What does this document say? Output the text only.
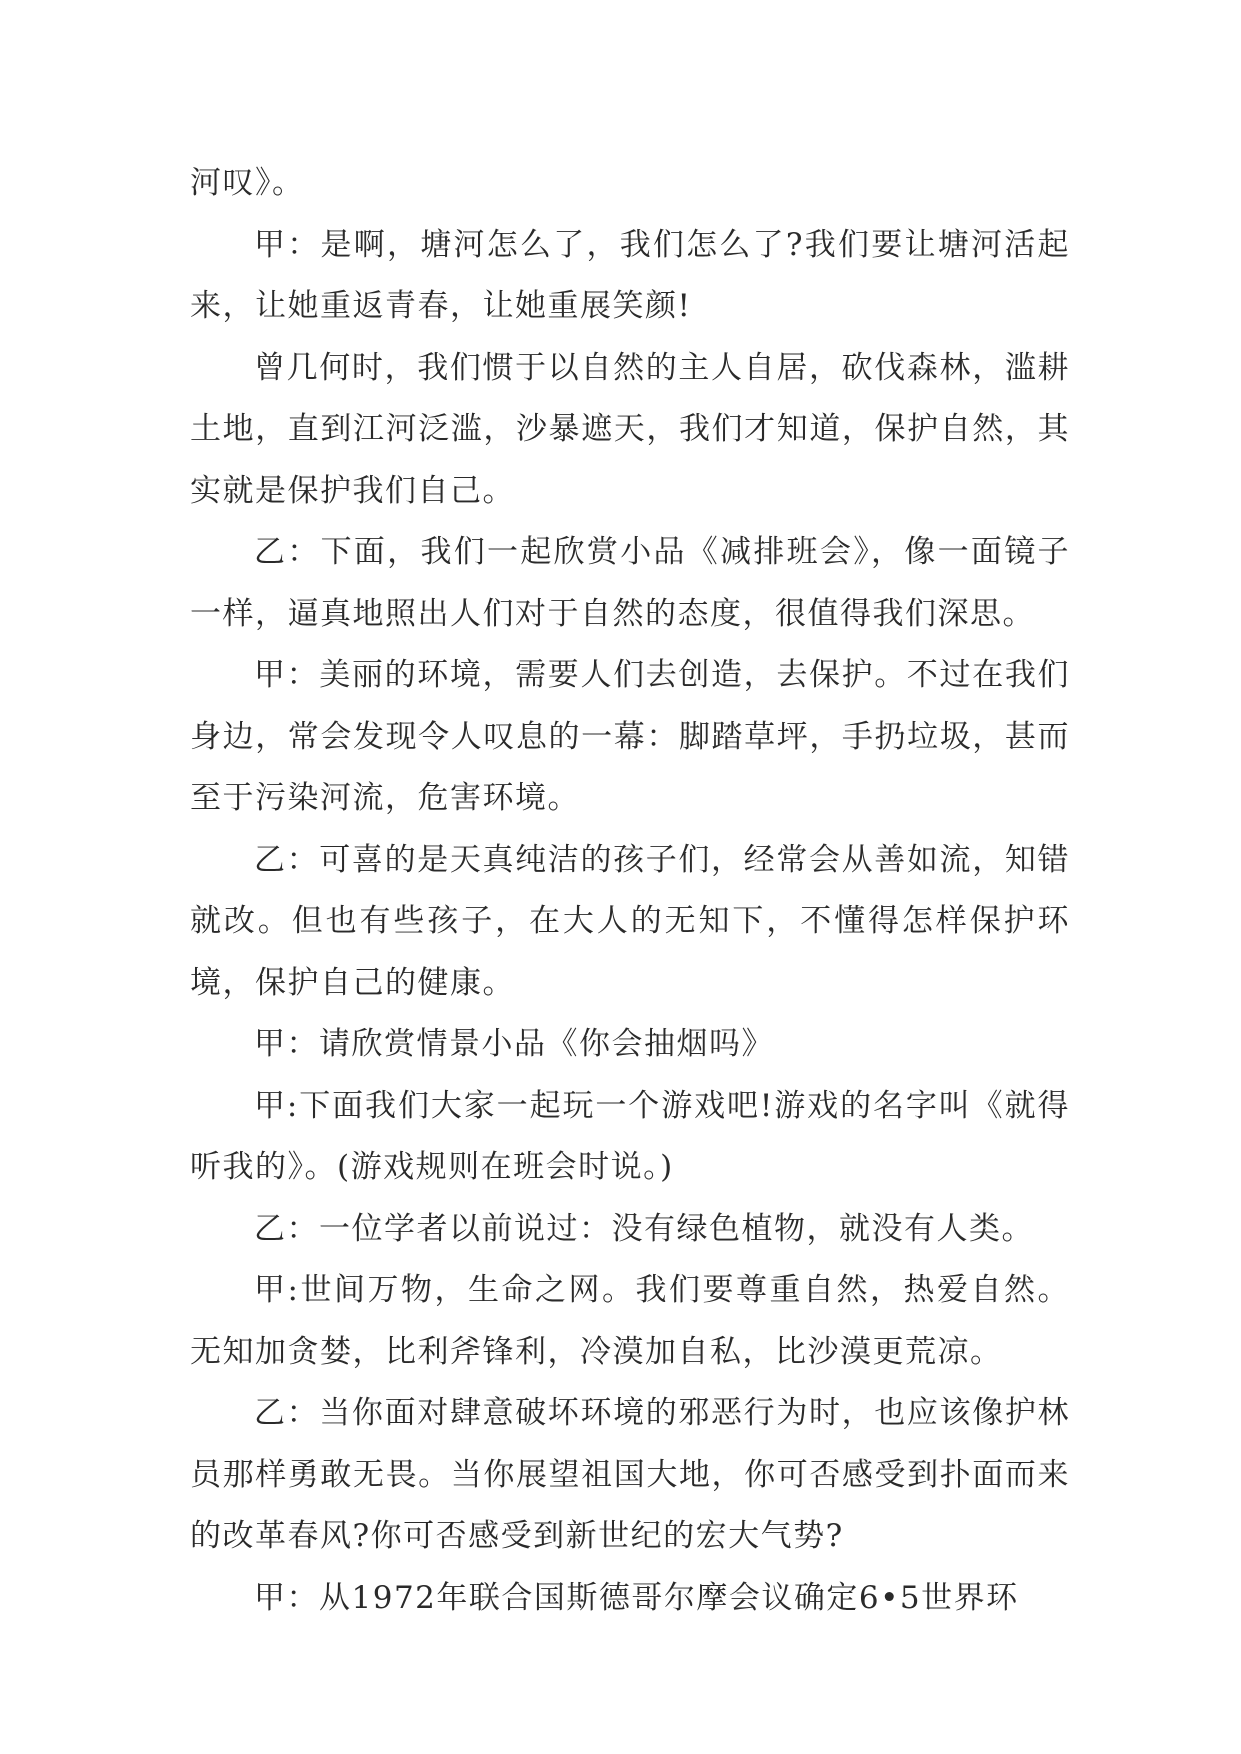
河叹》。

甲：是啊，塘河怎么了，我们怎么了?我们要让塘河活起来，让她重返青春，让她重展笑颜!

曾几何时，我们惯于以自然的主人自居，砍伐森林，滥耕土地，直到江河泛滥，沙暴遮天，我们才知道，保护自然，其实就是保护我们自己。

乙：下面，我们一起欣赏小品《减排班会》，像一面镜子一样，逼真地照出人们对于自然的态度，很值得我们深思。

甲：美丽的环境，需要人们去创造，去保护。不过在我们身边，常会发现令人叹息的一幕：脚踏草坪，手扔垃圾，甚而至于污染河流，危害环境。

乙：可喜的是天真纯洁的孩子们，经常会从善如流，知错就改。但也有些孩子，在大人的无知下，不懂得怎样保护环境，保护自己的健康。

甲：请欣赏情景小品《你会抽烟吗》

甲:下面我们大家一起玩一个游戏吧!游戏的名字叫《就得听我的》。(游戏规则在班会时说。)

乙：一位学者以前说过：没有绿色植物，就没有人类。

甲:世间万物，生命之网。我们要尊重自然，热爱自然。无知加贪婪，比利斧锋利，冷漠加自私，比沙漠更荒凉。

乙：当你面对肆意破坏环境的邪恶行为时，也应该像护林员那样勇敢无畏。当你展望祖国大地，你可否感受到扑面而来的改革春风?你可否感受到新世纪的宏大气势?

甲：从1972年联合国斯德哥尔摩会议确定6•5世界环
